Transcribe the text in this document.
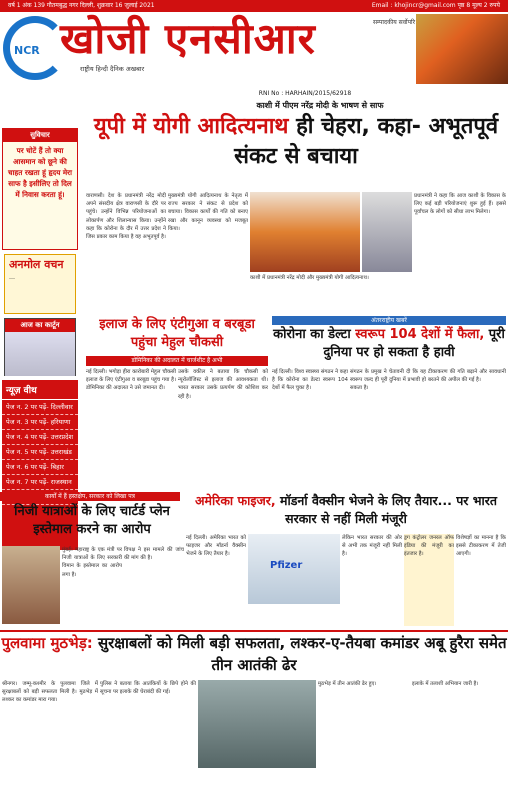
वर्ष 1 अंक 139 गौतमबुद्ध नगर दिल्ली, शुक्रवार 16 जुलाई 2021	Email : khojincr@gmail.com पृष्ठ 8 मूल्य 2 रुपये
NCR खोजी एनसीआर
राष्ट्रीय हिन्दी दैनिक अखबार
सम्पादकीय सर्वोपरि
RNI No : HARHAIN/2015/62918
सुविचार
पर चोटें हैं तो क्या आसमान को छूने की चाहत रखता हूं हृदय मेरा साफ है इसीलिए तो दिल में निवास करता हूं।
अनमोल वचन
…
आज का कार्टून
न्यूज़ वीथ
पेज न. 2 पर पढ़ें- दिल्लीवार
पेज न. 3 पर पढ़ें- हरियाणा
पेज न. 4 पर पढ़ें- उत्तरप्रदेश
पेज न. 5 पर पढ़ें- उत्तराखंड
पेज न. 6 पर पढ़ें- बिहार
पेज न. 7 पर पढ़ें- राजस्थान
काशी में पीएम नरेंद्र मोदी के भाषण से साफ
यूपी में योगी आदित्यनाथ ही चेहरा, कहा- अभूतपूर्व संकट से बचाया
वाराणसी। देश के प्रधानमंत्री नरेंद्र मोदी अपने संसदीय क्षेत्र वाराणसी के दौरे पर पहुंचे। उन्होंने विभिन्न परियोजनाओं का लोकार्पण और शिलान्यास किया। उन्होंने कहा कि कोरोना के दौर में उत्तर प्रदेश ने जिस प्रकार काम किया है वह अभूतपूर्व है।
मुख्यमंत्री योगी आदित्यनाथ के नेतृत्व में राज्य सरकार ने संकट से प्रदेश को बचाया। विकास कार्यों की गति को बनाए रखा और कानून व्यवस्था को मजबूत किया।
काशी में प्रधानमंत्री नरेंद्र मोदी और मुख्यमंत्री योगी आदित्यनाथ।
प्रधानमंत्री ने कहा कि आज काशी के विकास के लिए कई बड़ी परियोजनाएं शुरू हुई हैं। इससे पूर्वांचल के लोगों को सीधा लाभ मिलेगा।
इलाज के लिए एंटीगुआ व बरबूडा पहुंचा मेहुल चौकसी
डोमिनिका की अदालत में चार्जशीट है अभी
नई दिल्ली। भगोड़ा हीरा कारोबारी मेहुल चौकसी इलाज के लिए एंटीगुआ व बरबूडा पहुंच गया है। डोमिनिका की अदालत ने उसे जमानत दी।
उसके वकील ने बताया कि चौकसी को न्यूरोलॉजिस्ट से इलाज की आवश्यकता थी। भारत सरकार उसके प्रत्यर्पण की कोशिश कर रही है।
अंतरराष्ट्रीय खबरें
कोरोना का डेल्टा स्वरूप 104 देशों में फैला, पूरी दुनिया पर हो सकता है हावी
नई दिल्ली। विश्व स्वास्थ्य संगठन ने कहा है कि कोरोना का डेल्टा स्वरूप 104 देशों में फैल चुका है।
संगठन के प्रमुख ने चेतावनी दी कि यह स्वरूप जल्द ही पूरी दुनिया में प्रभावी हो सकता है।
टीकाकरण की गति बढ़ाने और सावधानी बरतने की अपील की गई है।
कार्यों में हैं हस्तक्षेप, सरकार को लिखा पत्र
निजी यात्राओं के लिए चार्टर्ड प्लेन इस्तेमाल करने का आरोप
मुंबई। महाराष्ट्र के एक मंत्री पर निजी यात्राओं के लिए सरकारी विमान के इस्तेमाल का आरोप लगा है।
विपक्ष ने इस मामले की जांच की मांग की है।
अमेरिका फाइजर, मॉडर्ना वैक्सीन भेजने के लिए तैयार... पर भारत सरकार से नहीं मिली मंजूरी
नई दिल्ली। अमेरिका भारत को फाइजर और मॉडर्ना वैक्सीन भेजने के लिए तैयार है।
Pfizer
लेकिन भारत सरकार की ओर से अभी तक मंजूरी नहीं मिली है।
ड्रग कंट्रोलर जनरल ऑफ इंडिया की मंजूरी का इंतजार है।
विशेषज्ञों का मानना है कि इससे टीकाकरण में तेजी आएगी।
पुलवामा मुठभेड़: सुरक्षाबलों को मिली बड़ी सफलता, लश्कर-ए-तैयबा कमांडर अबू हुरैरा समेत तीन आतंकी ढेर
श्रीनगर। जम्मू-कश्मीर के पुलवामा जिले में सुरक्षाबलों को बड़ी सफलता मिली है। मुठभेड़ में लश्कर का कमांडर मारा गया।
पुलिस ने बताया कि आतंकियों के छिपे होने की सूचना पर इलाके की घेराबंदी की गई।
मुठभेड़ में तीन आतंकी ढेर हुए।	इलाके में तलाशी अभियान जारी है।
